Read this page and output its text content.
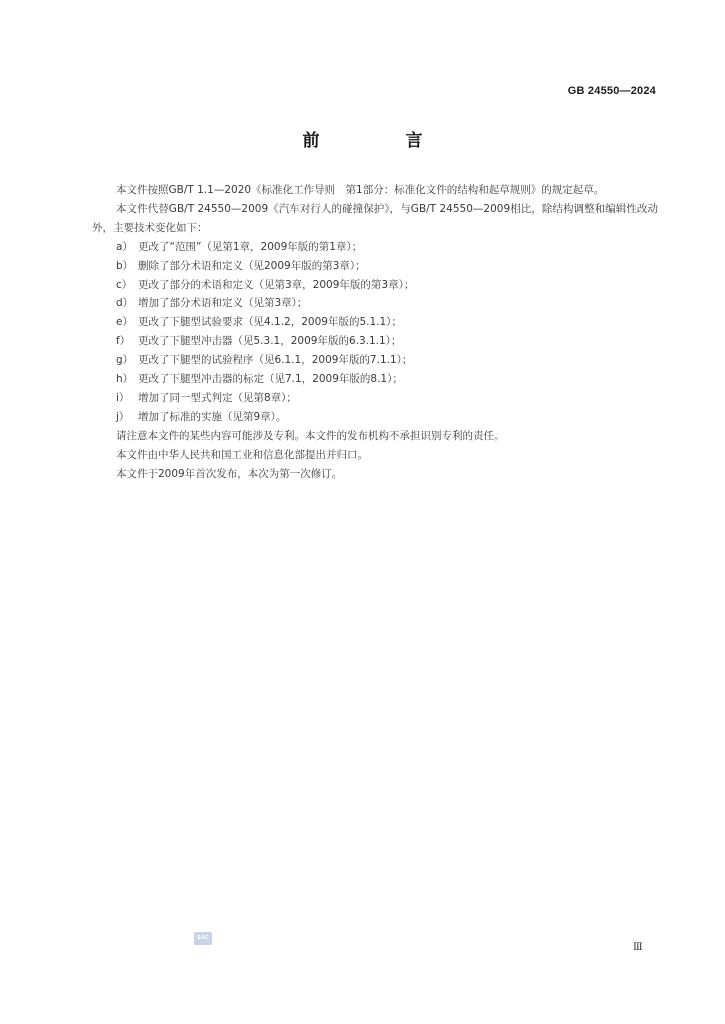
GB 24550—2024
前 言

本文件按照GB/T 1.1—2020《标准化工作导则　第1部分：标准化文件的结构和起草规则》的规定起草。

本文件代替GB/T 24550—2009《汽车对行人的碰撞保护》，与GB/T 24550—2009相比，除结构调整和编辑性改动外，主要技术变化如下：

a） 更改了“范围”（见第1章，2009年版的第1章）；
b） 删除了部分术语和定义（见2009年版的第3章）；
c） 更改了部分的术语和定义（见第3章，2009年版的第3章）；
d） 增加了部分术语和定义（见第3章）；
e） 更改了下腿型试验要求（见4.1.2，2009年版的5.1.1）；
f） 更改了下腿型冲击器（见5.3.1，2009年版的6.3.1.1）；
g） 更改了下腿型的试验程序（见6.1.1，2009年版的7.1.1）；
h） 更改了下腿型冲击器的标定（见7.1，2009年版的8.1）；
i） 增加了同一型式判定（见第8章）；
j） 增加了标准的实施（见第9章）。

请注意本文件的某些内容可能涉及专利。本文件的发布机构不承担识别专利的责任。

本文件由中华人民共和国工业和信息化部提出并归口。

本文件于2009年首次发布，本次为第一次修订。

SAC
Ⅲ
